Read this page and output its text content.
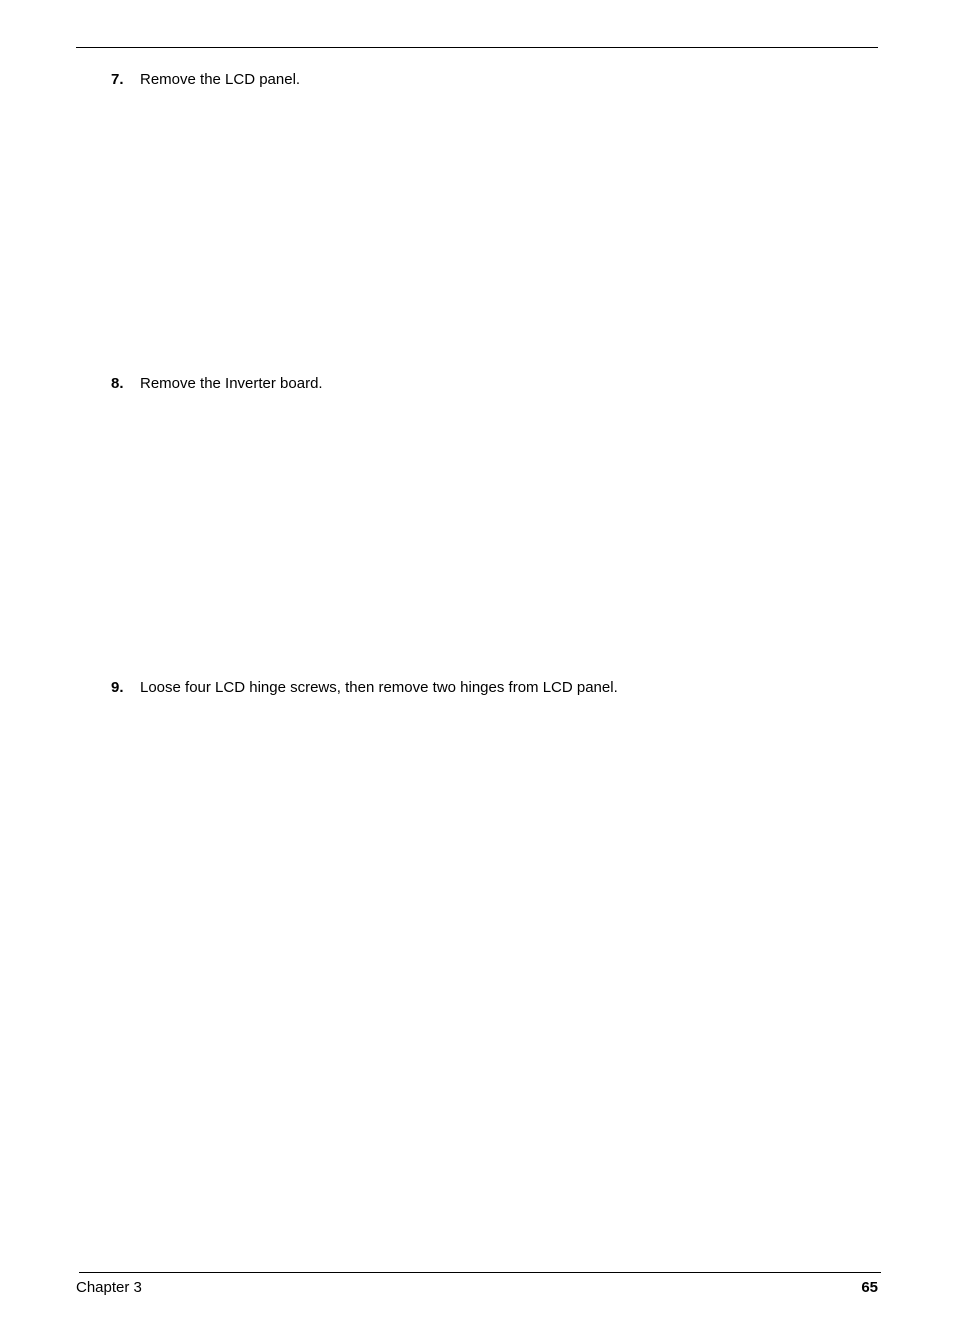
7. Remove the LCD panel.
8. Remove the Inverter board.
9. Loose four LCD hinge screws, then remove two hinges from LCD panel.
Chapter 3	65
